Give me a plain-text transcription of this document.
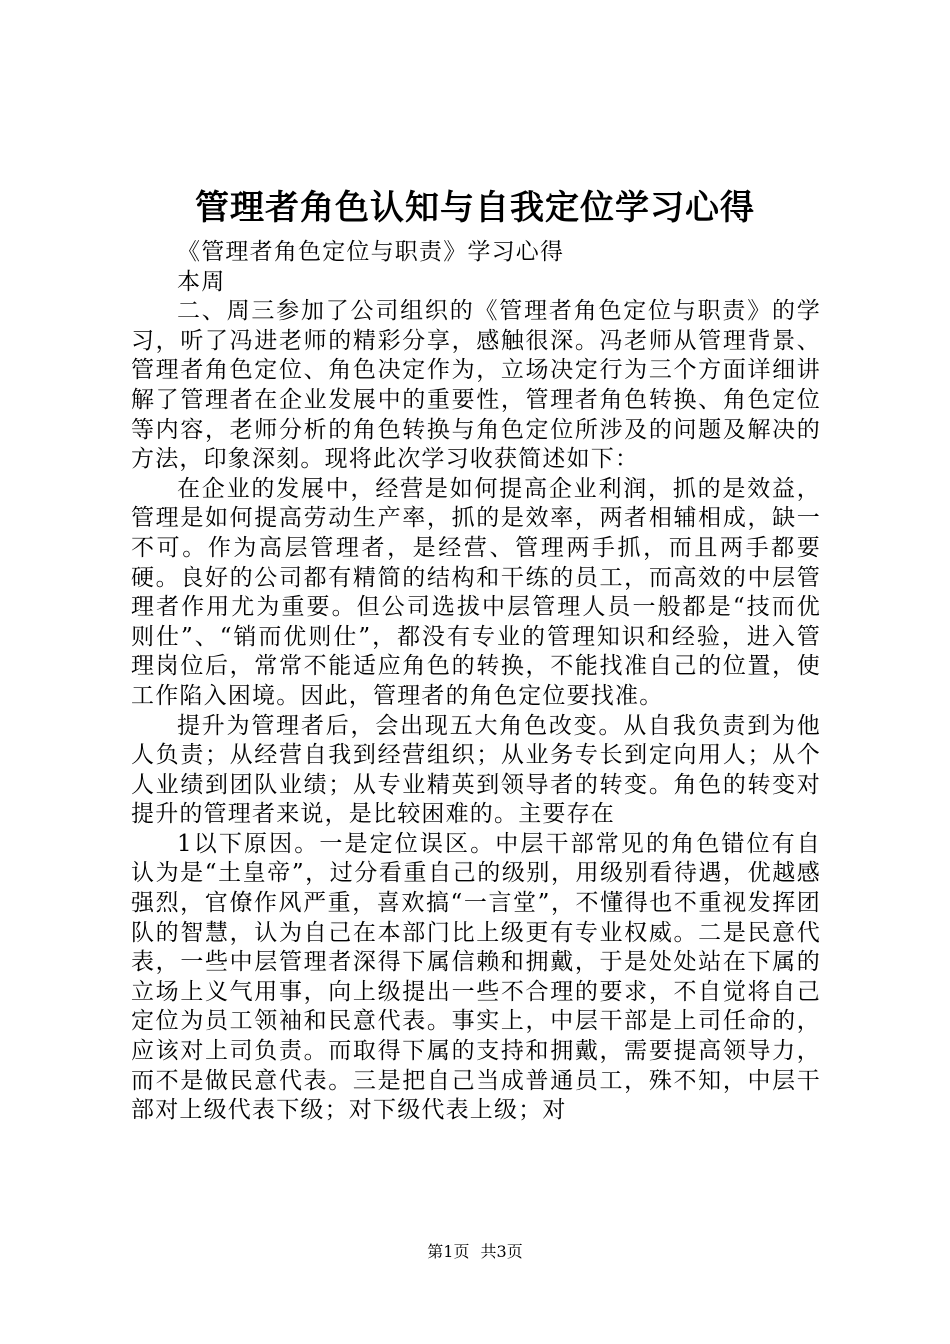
管理者角色认知与自我定位学习心得

《管理者角色定位与职责》学习心得

本周

二、周三参加了公司组织的《管理者角色定位与职责》的学习，听了冯进老师的精彩分享，感触很深。冯老师从管理背景、管理者角色定位、角色决定作为，立场决定行为三个方面详细讲解了管理者在企业发展中的重要性，管理者角色转换、角色定位等内容，老师分析的角色转换与角色定位所涉及的问题及解决的方法，印象深刻。现将此次学习收获简述如下：

在企业的发展中，经营是如何提高企业利润，抓的是效益，管理是如何提高劳动生产率，抓的是效率，两者相辅相成，缺一不可。作为高层管理者，是经营、管理两手抓，而且两手都要硬。良好的公司都有精简的结构和干练的员工，而高效的中层管理者作用尤为重要。但公司选拔中层管理人员一般都是“技而优则仕”、“销而优则仕”，都没有专业的管理知识和经验，进入管理岗位后，常常不能适应角色的转换，不能找准自己的位置，使工作陷入困境。因此，管理者的角色定位要找准。

提升为管理者后，会出现五大角色改变。从自我负责到为他人负责；从经营自我到经营组织；从业务专长到定向用人；从个人业绩到团队业绩；从专业精英到领导者的转变。角色的转变对提升的管理者来说，是比较困难的。主要存在

1以下原因。一是定位误区。中层干部常见的角色错位有自认为是“土皇帝”，过分看重自己的级别，用级别看待遇，优越感强烈，官僚作风严重，喜欢搞“一言堂”，不懂得也不重视发挥团队的智慧，认为自己在本部门比上级更有专业权威。二是民意代表，一些中层管理者深得下属信赖和拥戴，于是处处站在下属的立场上义气用事，向上级提出一些不合理的要求，不自觉将自己定位为员工领袖和民意代表。事实上，中层干部是上司任命的，应该对上司负责。而取得下属的支持和拥戴，需要提高领导力，而不是做民意代表。三是把自己当成普通员工，殊不知，中层干部对上级代表下级；对下级代表上级；对

第1页 共3页
